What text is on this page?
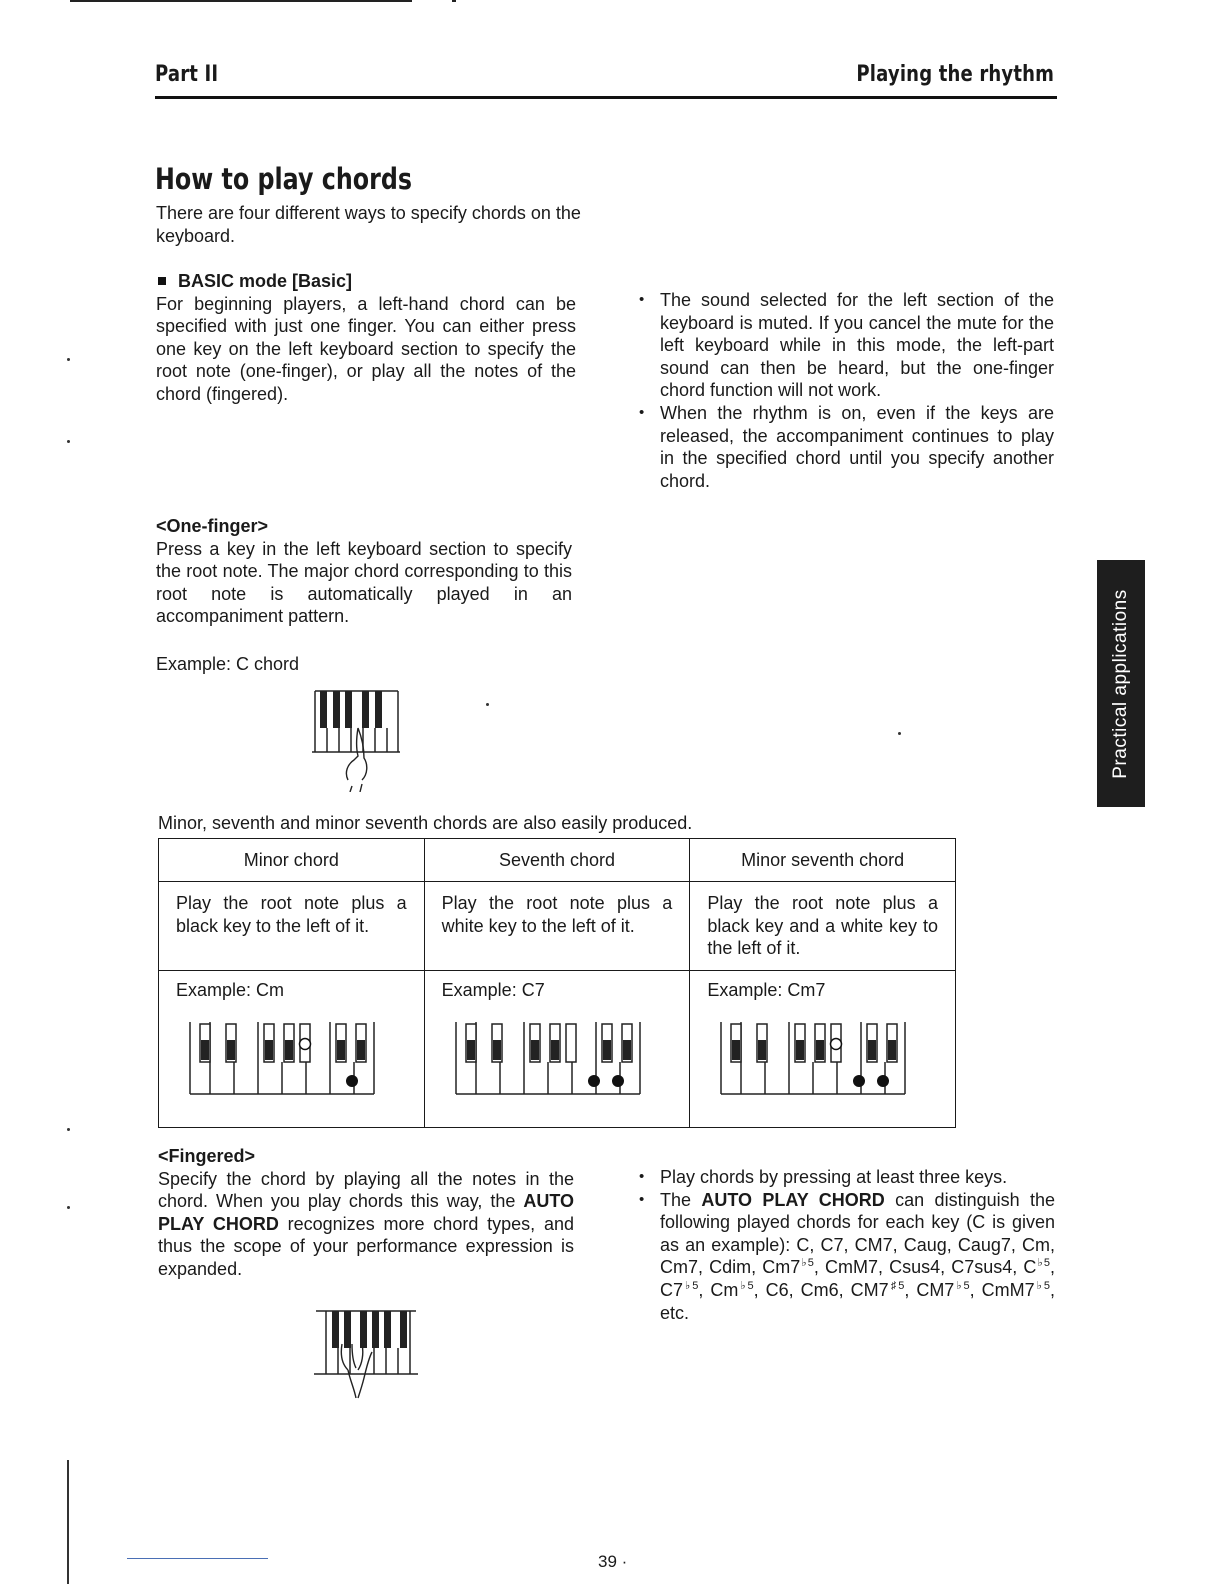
Part II	Playing the rhythm
How to play chords

There are four different ways to specify chords on the keyboard.

BASIC mode [Basic]

For beginning players, a left-hand chord can be specified with just one finger. You can either press one key on the left keyboard section to specify the root note (one-finger), or play all the notes of the chord (fingered).

• The sound selected for the left section of the keyboard is muted. If you cancel the mute for the left keyboard while in this mode, the left-part sound can then be heard, but the one-finger chord function will not work.
• When the rhythm is on, even if the keys are released, the accompaniment continues to play in the specified chord until you specify another chord.
<One-finger>

Press a key in the left keyboard section to specify the root note. The major chord corresponding to this root note is automatically played in an accompaniment pattern.

Example: C chord

Minor, seventh and minor seventh chords are also easily produced.

Minor chord	Seventh chord	Minor seventh chord
Play the root note plus a black key to the left of it.	Play the root note plus a white key to the left of it.	Play the root note plus a black key and a white key to the left of it.

Example: Cm	Example: C7	Example: Cm7
<Fingered>

Specify the chord by playing all the notes in the chord. When you play chords this way, the AUTO PLAY CHORD recognizes more chord types, and thus the scope of your performance expression is expanded.

• Play chords by pressing at least three keys.
• The AUTO PLAY CHORD can distinguish the following played chords for each key (C is given as an example): C, C7, CM7, Caug, Caug7, Cm, Cm7, Cdim, $Cm7^{♭5}$, CmM7, Csus4, C7sus4, $C^{♭5}$, $C7^{♭5}$, $Cm^{♭5}$, C6, Cm6, $CM7^{♯5}$, $CM7^{♭5}$, $CmM7^{♭5}$, etc.
Practical applications
39 ·
